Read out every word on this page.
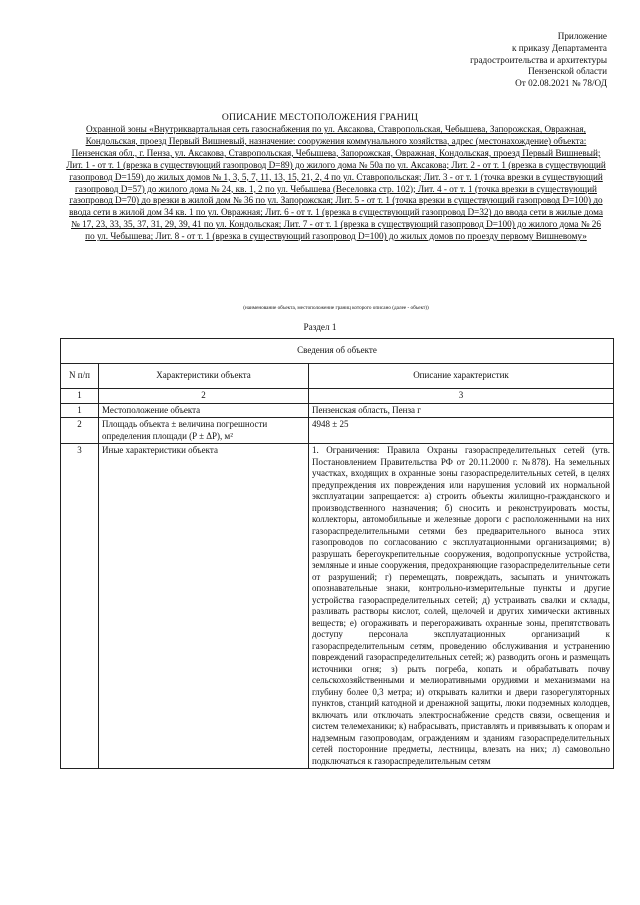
Приложение
к приказу Департамента
градостроительства и архитектуры
Пензенской области
От 02.08.2021 № 78/ОД
ОПИСАНИЕ МЕСТОПОЛОЖЕНИЯ ГРАНИЦ
Охранной зоны «Внутриквартальная сеть газоснабжения по ул. Аксакова, Ставропольская, Чебышева, Запорожская, Овражная, Кондольская, проезд Первый Вишневый, назначение: сооружения коммунального хозяйства, адрес (местонахождение) объекта: Пензенская обл., г. Пенза, ул. Аксакова, Ставропольская, Чебышева, Запорожская, Овражная, Кондольская, проезд Первый Вишневый; Лит. 1 - от т. 1 (врезка в существующий газопровод D=89) до жилого дома № 50а по ул. Аксакова; Лит. 2 - от т. 1 (врезка в существующий газопровод D=159) до жилых домов № 1, 3, 5, 7, 11, 13, 15, 21, 2, 4 по ул. Ставропольская; Лит. 3 - от т. 1 (точка врезки в существующий газопровод D=57) до жилого дома № 24, кв. 1, 2 по ул. Чебышева (Веселовка стр. 102); Лит. 4 - от т. 1 (точка врезки в существующий газопровод D=70) до врезки в жилой дом № 36 по ул. Запорожская; Лит. 5 - от т. 1 (точка врезки в существующий газопровод D=100) до ввода сети в жилой дом 34 кв. 1 по ул. Овражная; Лит. 6 - от т. 1 (врезка в существующий газопровод D=32) до ввода сети в жилые дома № 17, 23, 33, 35, 37, 31, 29, 39, 41 по ул. Кондольская; Лит. 7 - от т. 1 (врезка в существующий газопровод D=100) до жилого дома № 26 по ул. Чебышева; Лит. 8 - от т. 1 (врезка в существующий газопровод D=100) до жилых домов по проезду первому Вишневому»
(наименование объекта, местоположение границ которого описано (далее - объект))
Раздел 1
Сведения об объекте		
N п/п	Характеристики объекта	Описание характеристик
1	2	3
1	Местоположение объекта	Пензенская область, Пенза г
2	Площадь объекта ± величина погрешности определения площади (P ± ΔP), м²	4948 ± 25
3	Иные характеристики объекта	1. Ограничения: Правила Охраны газораспределительных сетей (утв. Постановлением Правительства РФ от 20.11.2000 г. №878). На земельных участках, входящих в охранные зоны газораспределительных сетей, в целях предупреждения их повреждения или нарушения условий их нормальной эксплуатации запрещается: а) строить объекты жилищно-гражданского и производственного назначения; б) сносить и реконструировать мосты, коллекторы, автомобильные и железные дороги с расположенными на них газораспределительными сетями без предварительного выноса этих газопроводов по согласованию с эксплуатационными организациями; в) разрушать берегоукрепительные сооружения, водопропускные устройства, земляные и иные сооружения, предохраняющие газораспределительные сети от разрушений; г) перемещать, повреждать, засыпать и уничтожать опознавательные знаки, контрольно-измерительные пункты и другие устройства газораспределительных сетей; д) устраивать свалки и склады, разливать растворы кислот, солей, щелочей и других химически активных веществ; е) огораживать и перегораживать охранные зоны, препятствовать доступу персонала эксплуатационных организаций к газораспределительным сетям, проведению обслуживания и устранению повреждений газораспределительных сетей; ж) разводить огонь и размещать источники огня; з) рыть погреба, копать и обрабатывать почву сельскохозяйственными и мелиоративными орудиями и механизмами на глубину более 0,3 метра; и) открывать калитки и двери газорегуляторных пунктов, станций катодной и дренажной защиты, люки подземных колодцев, включать или отключать электроснабжение средств связи, освещения и систем телемеханики; к) набрасывать, приставлять и привязывать к опорам и надземным газопроводам, ограждениям и зданиям газораспределительных сетей посторонние предметы, лестницы, влезать на них; л) самовольно подключаться к газораспределительным сетям
